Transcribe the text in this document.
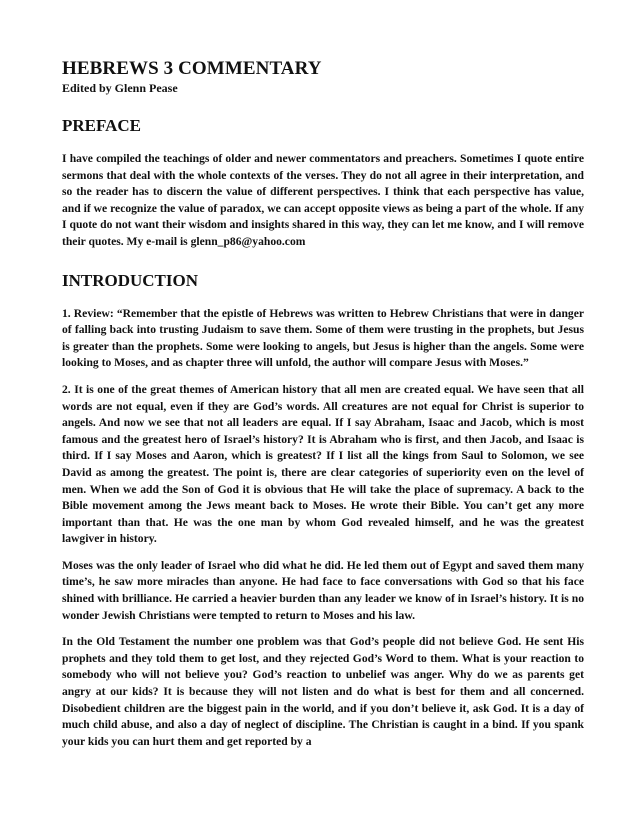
HEBREWS 3 COMMENTARY
Edited by Glenn Pease
PREFACE

I have compiled the teachings of older and newer commentators and preachers. Sometimes I quote entire sermons that deal with the whole contexts of the verses. They do not all agree in their interpretation, and so the reader has to discern the value of different perspectives. I think that each perspective has value, and if we recognize the value of paradox, we can accept opposite views as being a part of the whole. If any I quote do not want their wisdom and insights shared in this way, they can let me know, and I will remove their quotes. My e-mail is glenn_p86@yahoo.com

INTRODUCTION

1. Review: “Remember that the epistle of Hebrews was written to Hebrew Christians that were in danger of falling back into trusting Judaism to save them. Some of them were trusting in the prophets, but Jesus is greater than the prophets. Some were looking to angels, but Jesus is higher than the angels. Some were looking to Moses, and as chapter three will unfold, the author will compare Jesus with Moses.”

2. It is one of the great themes of American history that all men are created equal. We have seen that all words are not equal, even if they are God’s words. All creatures are not equal for Christ is superior to angels. And now we see that not all leaders are equal. If I say Abraham, Isaac and Jacob, which is most famous and the greatest hero of Israel’s history? It is Abraham who is first, and then Jacob, and Isaac is third. If I say Moses and Aaron, which is greatest? If I list all the kings from Saul to Solomon, we see David as among the greatest. The point is, there are clear categories of superiority even on the level of men. When we add the Son of God it is obvious that He will take the place of supremacy. A back to the Bible movement among the Jews meant back to Moses. He wrote their Bible. You can’t get any more important than that. He was the one man by whom God revealed himself, and he was the greatest lawgiver in history.

Moses was the only leader of Israel who did what he did. He led them out of Egypt and saved them many time’s, he saw more miracles than anyone. He had face to face conversations with God so that his face shined with brilliance. He carried a heavier burden than any leader we know of in Israel’s history. It is no wonder Jewish Christians were tempted to return to Moses and his law.

In the Old Testament the number one problem was that God’s people did not believe God. He sent His prophets and they told them to get lost, and they rejected God’s Word to them. What is your reaction to somebody who will not believe you? God’s reaction to unbelief was anger. Why do we as parents get angry at our kids? It is because they will not listen and do what is best for them and all concerned. Disobedient children are the biggest pain in the world, and if you don’t believe it, ask God. It is a day of much child abuse, and also a day of neglect of discipline. The Christian is caught in a bind. If you spank your kids you can hurt them and get reported by a
